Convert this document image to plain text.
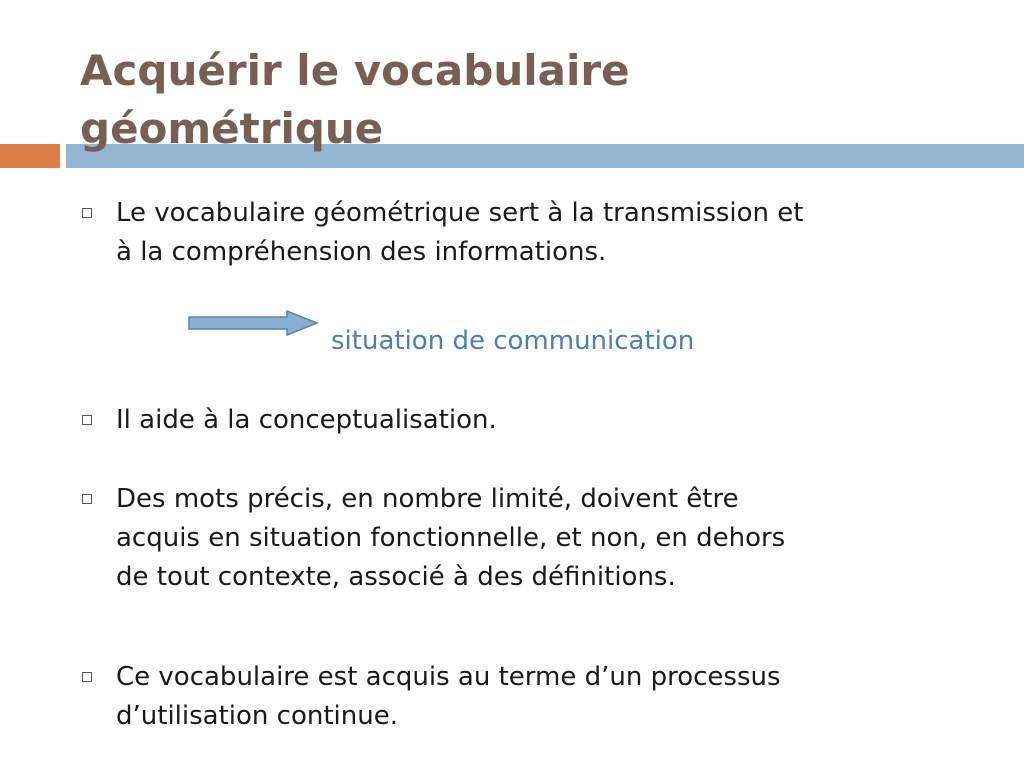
Acquérir le vocabulaire
géométrique
Le vocabulaire géométrique sert à la transmission et
à la compréhension des informations.
situation de communication
Il aide à la conceptualisation.
Des mots précis, en nombre limité, doivent être
acquis en situation fonctionnelle, et non, en dehors
de tout contexte, associé à des définitions.
Ce vocabulaire est acquis au terme d’un processus
d’utilisation continue.
